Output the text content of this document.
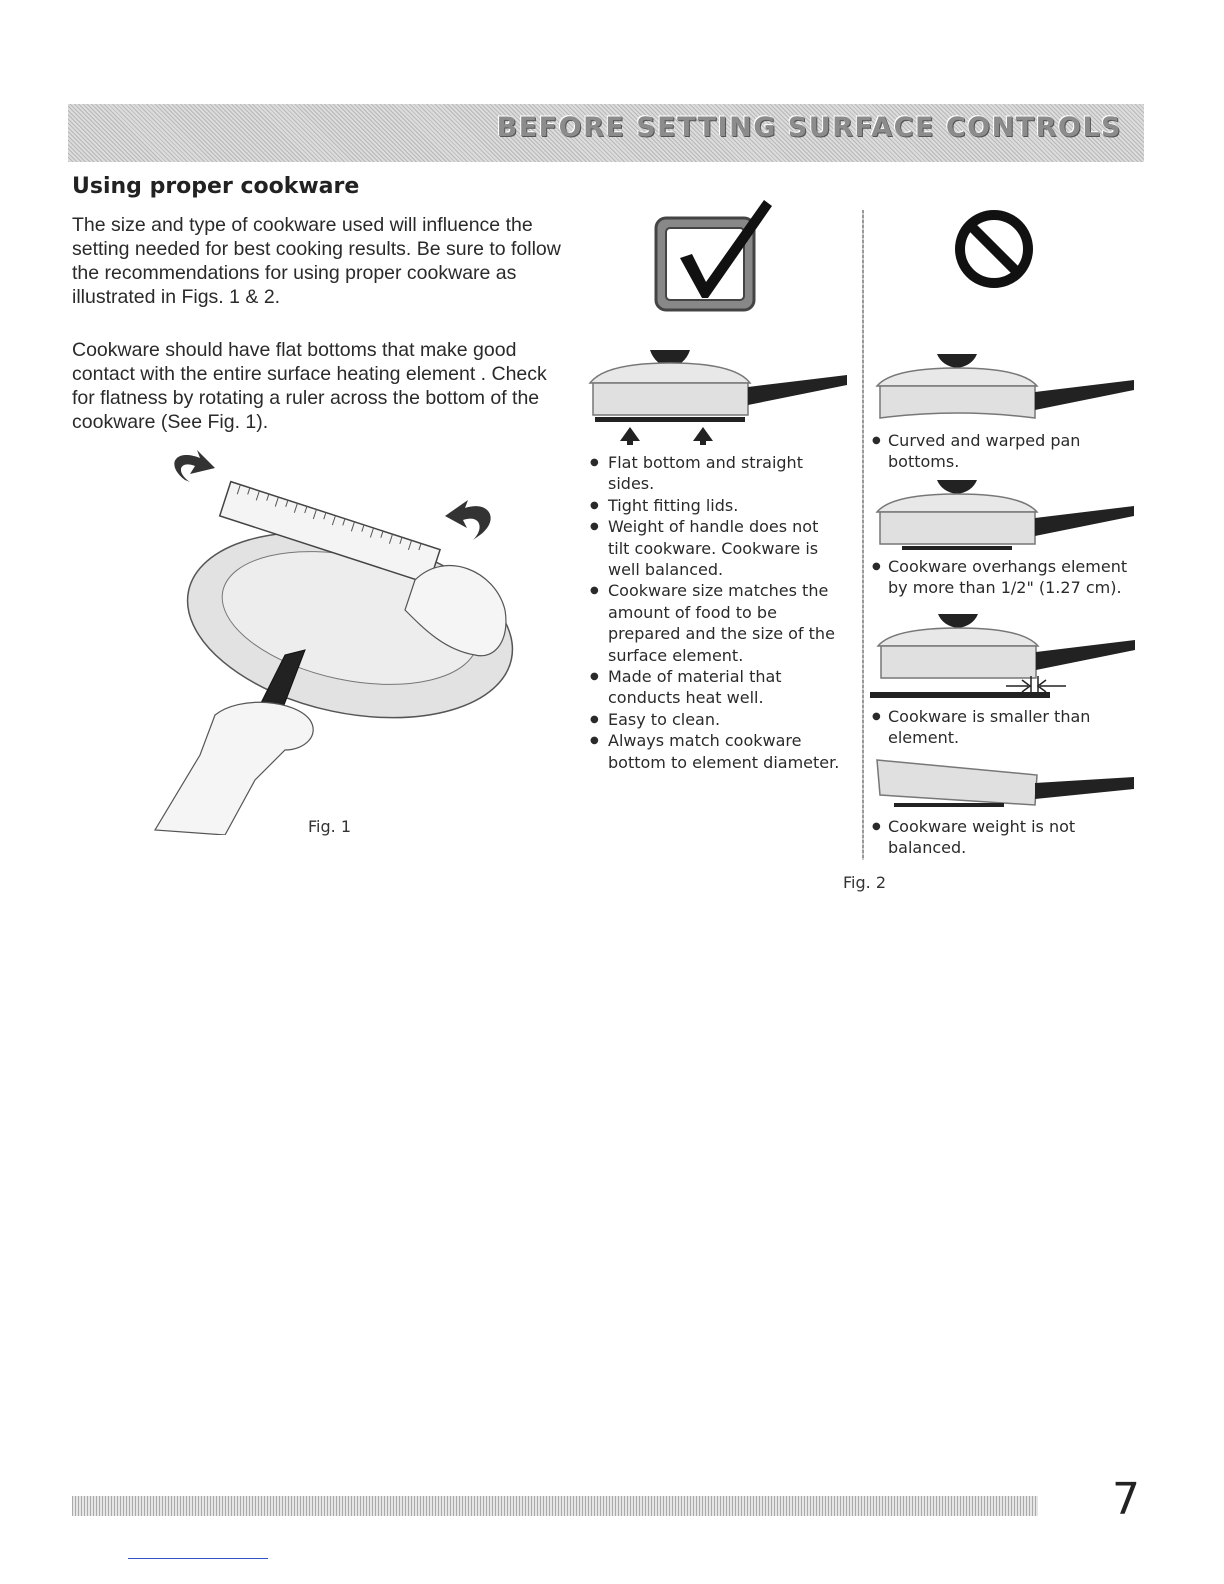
BEFORE SETTING SURFACE CONTROLS
Using proper cookware
The size and type of cookware used will influence the setting needed for best cooking results. Be sure to follow the recommendations for using proper cookware as illustrated in Figs. 1 & 2.
Cookware should have flat bottoms that make good contact with the entire surface heating element . Check for flatness by rotating a ruler across the bottom of the cookware (See Fig. 1).
Fig. 1
● Flat bottom and straight sides.
● Tight fitting lids.
● Weight of handle does not tilt cookware. Cookware is well balanced.
● Cookware size matches the amount of food to be prepared and the size of the surface element.
● Made of material that conducts heat well.
● Easy to clean.
● Always match cookware bottom to element diameter.
● Curved and warped pan bottoms.
● Cookware overhangs element by more than 1/2" (1.27 cm).
● Cookware is smaller than element.
● Cookware weight is not balanced.
Fig. 2
7
